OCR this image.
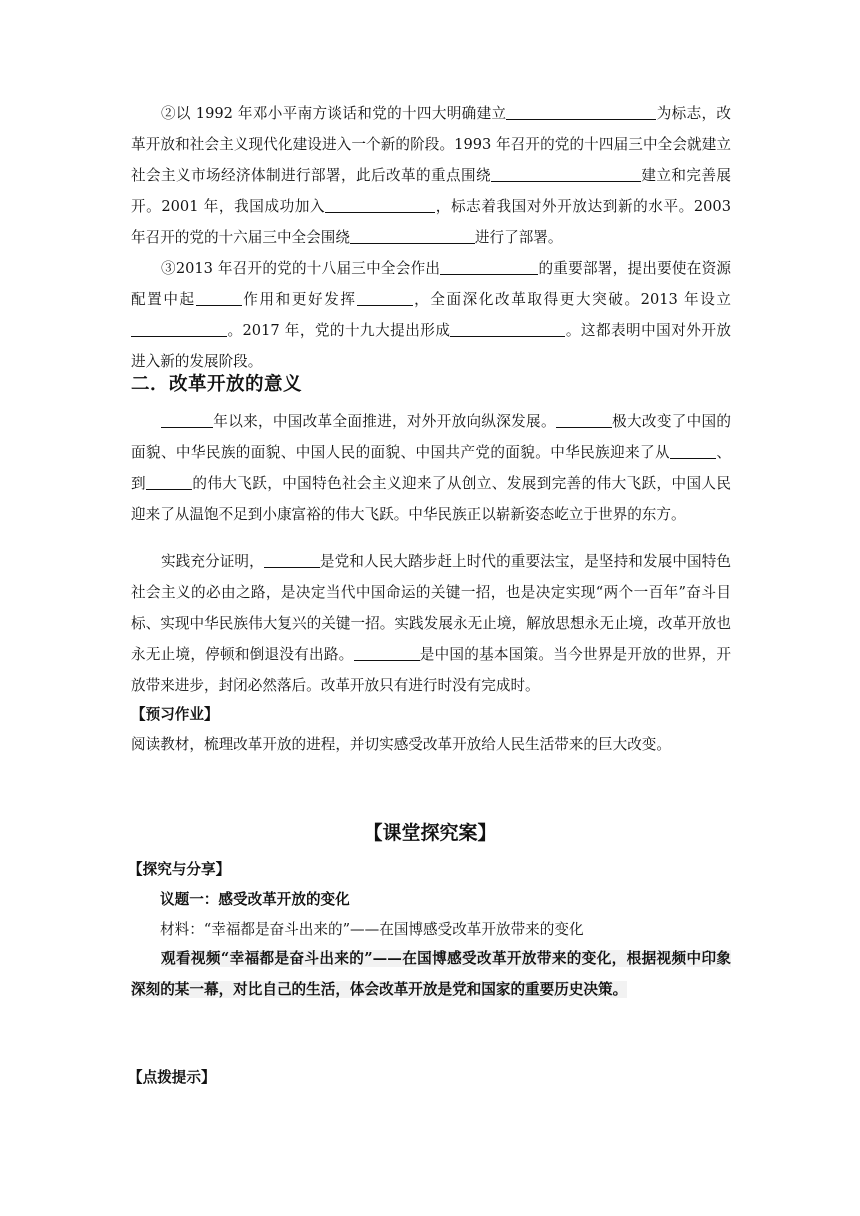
②以 1992 年邓小平南方谈话和党的十四大明确建立	为标志，改革开放和社会主义现代化建设进入一个新的阶段。1993 年召开的党的十四届三中全会就建立社会主义市场经济体制进行部署，此后改革的重点围绕	建立和完善展开。2001 年，我国成功加入	，标志着我国对外开放达到新的水平。2003 年召开的党的十六届三中全会围绕	进行了部署。

③2013 年召开的党的十八届三中全会作出	的重要部署，提出要使在资源配置中起	作用和更好发挥	，全面深化改革取得更大突破。2013 年设立。2017 年，党的十九大提出形成	。这都表明中国对外开放进入新的发展阶段。

二．改革开放的意义

年以来，中国改革全面推进，对外开放向纵深发展。	极大改变了中国的面貌、中华民族的面貌、中国人民的面貌、中国共产党的面貌。中华民族迎来了从	、到	的伟大飞跃，中国特色社会主义迎来了从创立、发展到完善的伟大飞跃，中国人民迎来了从温饱不足到小康富裕的伟大飞跃。中华民族正以崭新姿态屹立于世界的东方。

实践充分证明，	是党和人民大踏步赶上时代的重要法宝，是坚持和发展中国特色社会主义的必由之路，是决定当代中国命运的关键一招，也是决定实现“两个一百年”奋斗目标、实现中华民族伟大复兴的关键一招。实践发展永无止境，解放思想永无止境，改革开放也永无止境，停顿和倒退没有出路。	是中国的基本国策。当今世界是开放的世界，开放带来进步，封闭必然落后。改革开放只有进行时没有完成时。

【预习作业】
阅读教材，梳理改革开放的进程，并切实感受改革开放给人民生活带来的巨大改变。
【课堂探究案】
【探究与分享】
议题一：感受改革开放的变化
材料：“幸福都是奋斗出来的”——在国博感受改革开放带来的变化

观看视频“幸福都是奋斗出来的”——在国博感受改革开放带来的变化，根据视频中印象深刻的某一幕，对比自己的生活，体会改革开放是党和国家的重要历史决策。

【点拨提示】
